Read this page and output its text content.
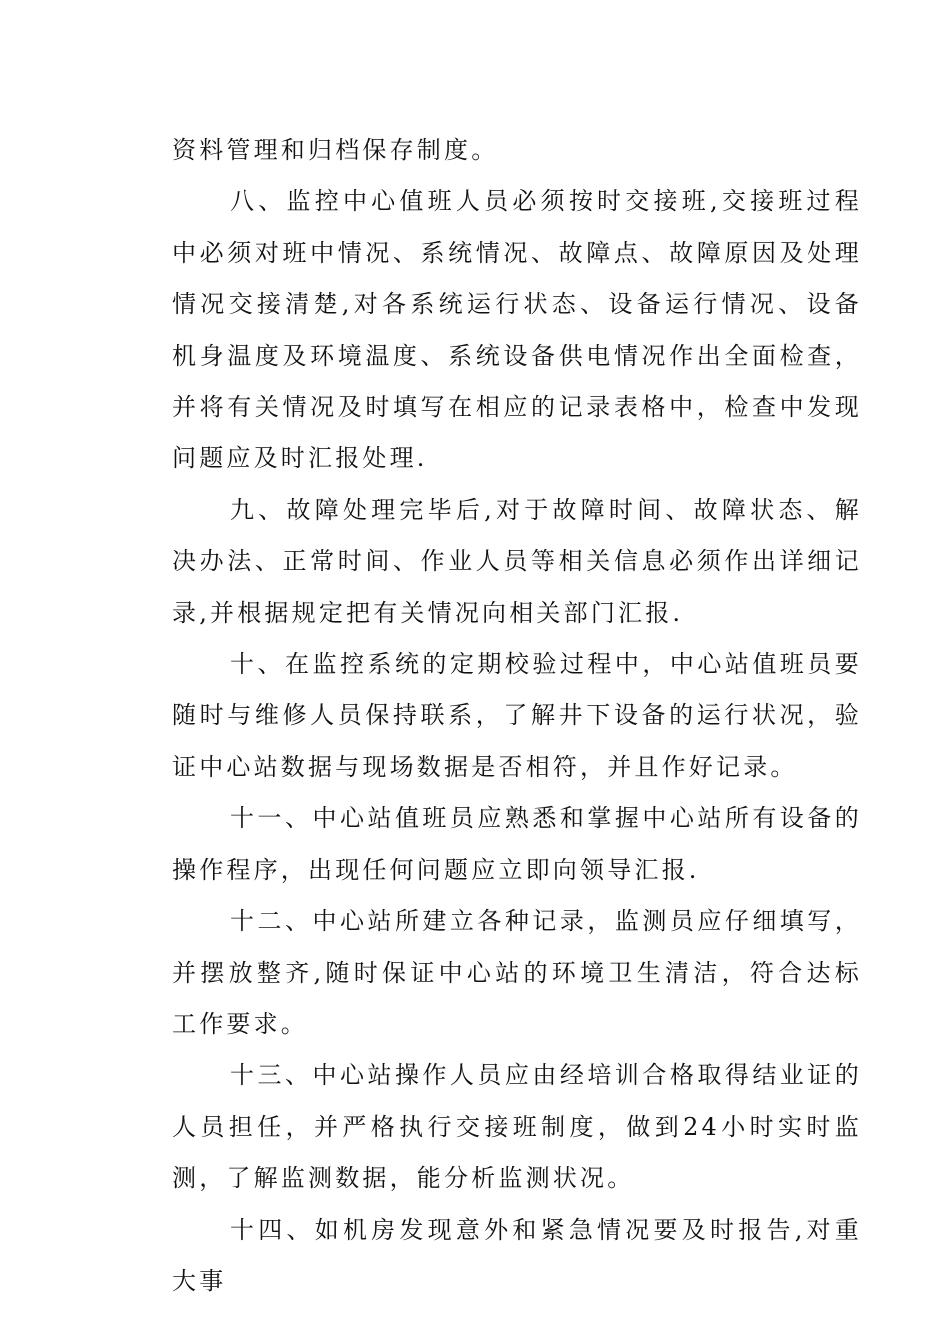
资料管理和归档保存制度。

八、监控中心值班人员必须按时交接班,交接班过程中必须对班中情况、系统情况、故障点、故障原因及处理情况交接清楚,对各系统运行状态、设备运行情况、设备机身温度及环境温度、系统设备供电情况作出全面检查，并将有关情况及时填写在相应的记录表格中，检查中发现问题应及时汇报处理.

九、故障处理完毕后,对于故障时间、故障状态、解决办法、正常时间、作业人员等相关信息必须作出详细记录,并根据规定把有关情况向相关部门汇报.

十、在监控系统的定期校验过程中，中心站值班员要随时与维修人员保持联系，了解井下设备的运行状况，验证中心站数据与现场数据是否相符，并且作好记录。

十一、中心站值班员应熟悉和掌握中心站所有设备的操作程序，出现任何问题应立即向领导汇报.

十二、中心站所建立各种记录，监测员应仔细填写，并摆放整齐,随时保证中心站的环境卫生清洁，符合达标工作要求。

十三、中心站操作人员应由经培训合格取得结业证的人员担任，并严格执行交接班制度，做到24小时实时监测，了解监测数据，能分析监测状况。

十四、如机房发现意外和紧急情况要及时报告,对重大事
